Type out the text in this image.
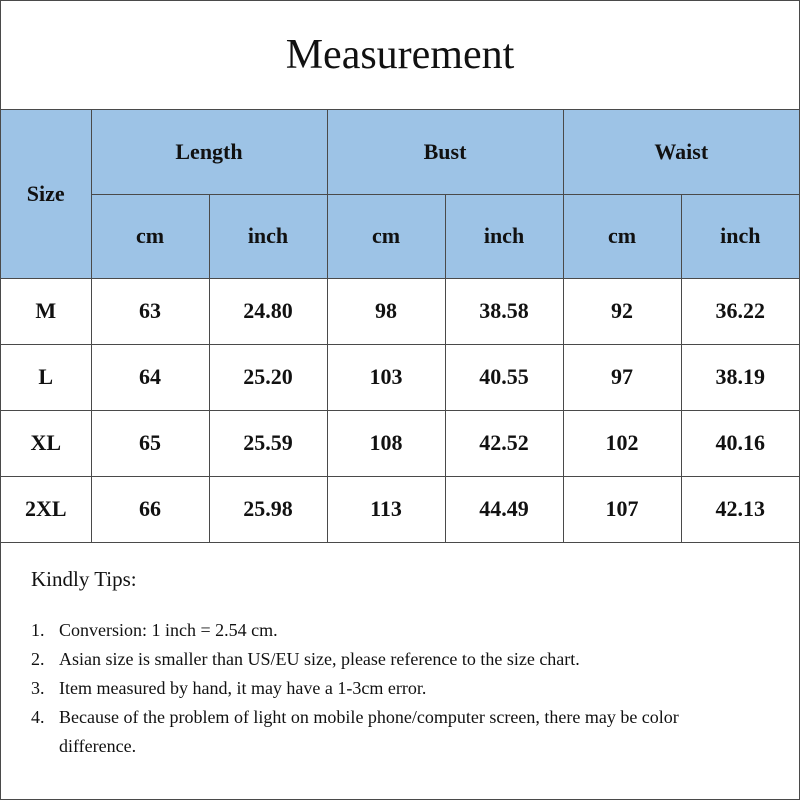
Measurement
Size	Length		Bust		Waist	
	cm	inch	cm	inch	cm	inch
M	63	24.80	98	38.58	92	36.22
L	64	25.20	103	40.55	97	38.19
XL	65	25.59	108	42.52	102	40.16
2XL	66	25.98	113	44.49	107	42.13
Kindly Tips:
1. Conversion: 1 inch = 2.54 cm.
2. Asian size is smaller than US/EU size, please reference to the size chart.
3. Item measured by hand, it may have a 1-3cm error.
4. Because of the problem of light on mobile phone/computer screen, there may be color difference.
